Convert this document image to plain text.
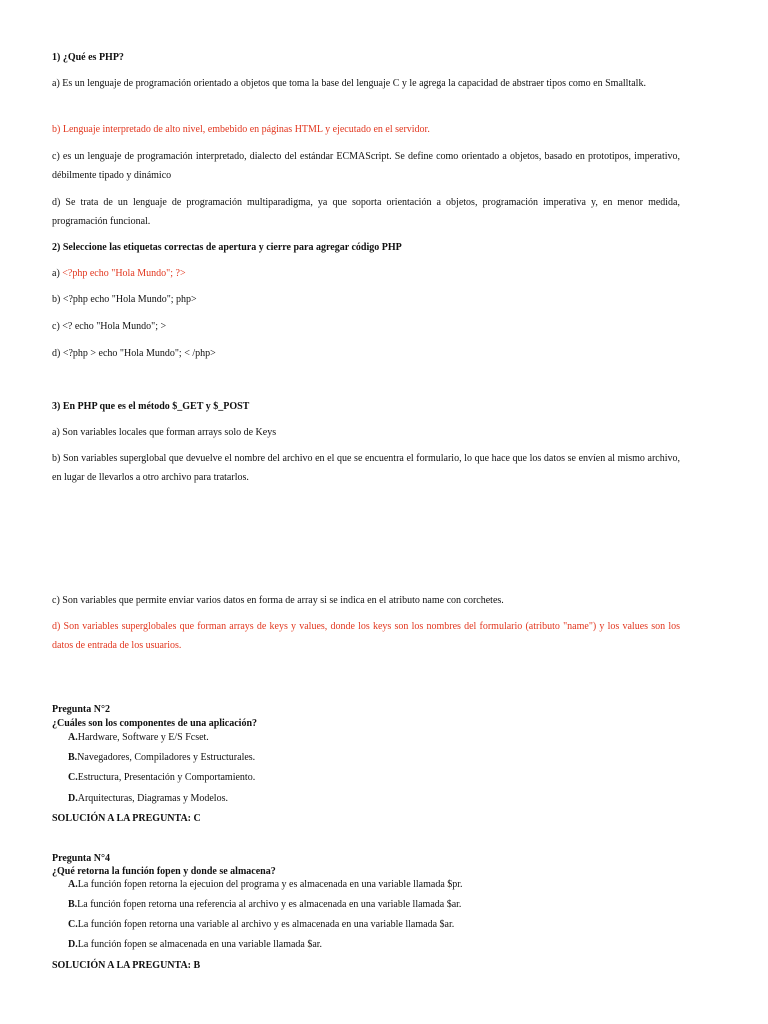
1) ¿Qué es PHP?
a) Es un lenguaje de programación orientado a objetos que toma la base del lenguaje C y le agrega la capacidad de abstraer tipos como en Smalltalk.
b) Lenguaje interpretado de alto nivel, embebido en páginas HTML y ejecutado en el servidor.
c) es un lenguaje de programación interpretado, dialecto del estándar ECMAScript. Se define como orientado a objetos, basado en prototipos, imperativo, débilmente tipado y dinámico
d) Se trata de un lenguaje de programación multiparadigma, ya que soporta orientación a objetos, programación imperativa y, en menor medida, programación funcional.
2) Seleccione las etiquetas correctas de apertura y cierre para agregar código PHP
a) <?php echo "Hola Mundo"; ?>
b) <?php echo "Hola Mundo"; php>
c) <? echo "Hola Mundo"; >
d) <?php > echo "Hola Mundo"; < /php>
3) En PHP que es el método $_GET y $_POST
a) Son variables locales que forman arrays solo de Keys
b) Son variables superglobal que devuelve el nombre del archivo en el que se encuentra el formulario, lo que hace que los datos se envíen al mismo archivo, en lugar de llevarlos a otro archivo para tratarlos.
c) Son variables que permite enviar varios datos en forma de array si se indica en el atributo name con corchetes.
d) Son variables superglobales que forman arrays de keys y values, donde los keys son los nombres del formulario (atributo "name") y los values son los datos de entrada de los usuarios.
Pregunta N°2
¿Cuáles son los componentes de una aplicación?
A.Hardware, Software y E/S Fcset.
B.Navegadores, Compiladores y Estructurales.
C.Estructura, Presentación y Comportamiento.
D.Arquitecturas, Diagramas y Modelos.
SOLUCIÓN A LA PREGUNTA: C
Pregunta N°4
¿Qué retorna la función fopen y donde se almacena?
A.La función fopen retorna la ejecuion del programa y es almacenada en una variable llamada $pr.
B.La función fopen retorna una referencia al archivo y es almacenada en una variable llamada $ar.
C.La función fopen retorna una variable al archivo y es almacenada en una variable llamada $ar.
D.La función fopen se almacenada en una variable llamada $ar.
SOLUCIÓN A LA PREGUNTA: B
